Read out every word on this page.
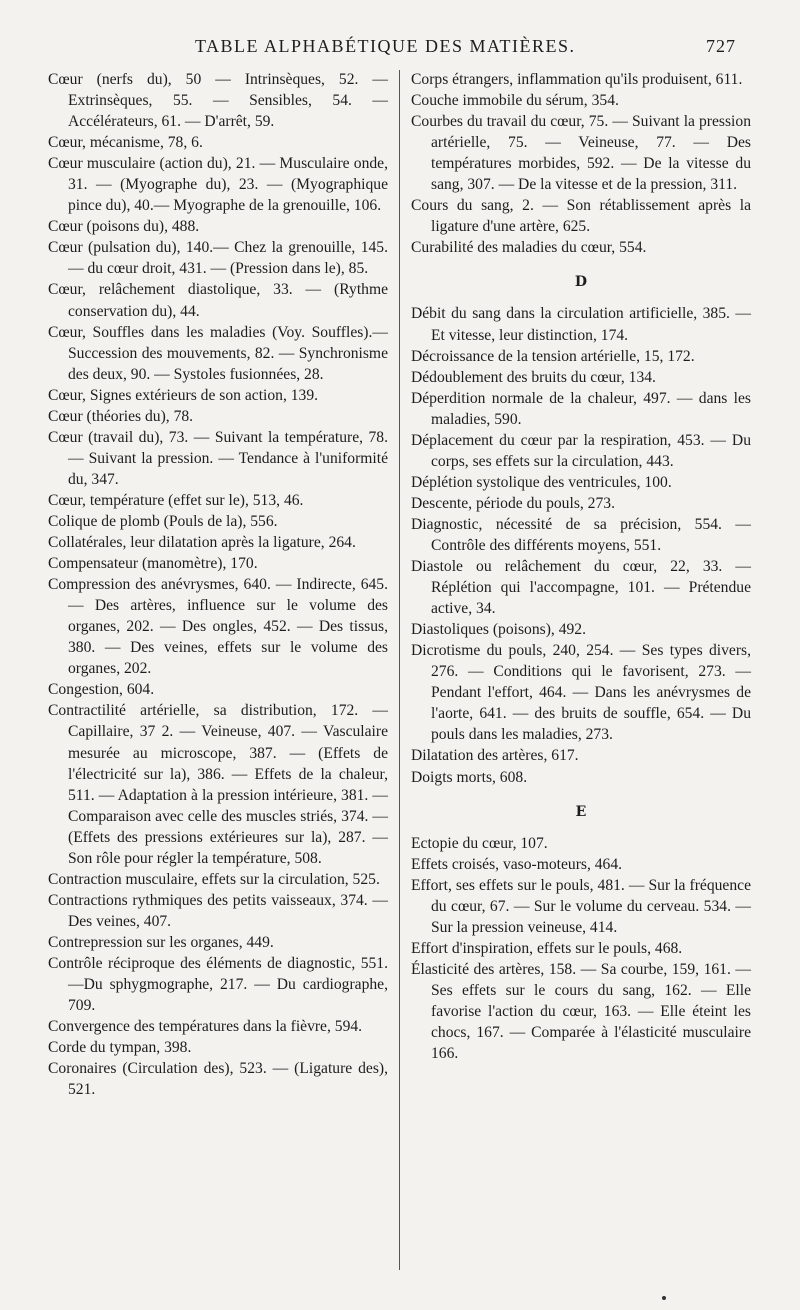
TABLE ALPHABÉTIQUE DES MATIÈRES.	727
Cœur (nerfs du), 50 — Intrinsèques, 52. — Extrinsèques, 55. — Sensibles, 54. — Accélérateurs, 61. — D'arrêt, 59.
Cœur, mécanisme, 78, 6.
Cœur musculaire (action du), 21. — Musculaire onde, 31. — (Myographe du), 23. — (Myographique pince du), 40.— Myographe de la grenouille, 106.
Cœur (poisons du), 488.
Cœur (pulsation du), 140.— Chez la grenouille, 145. — du cœur droit, 431. — (Pression dans le), 85.
Cœur, relâchement diastolique, 33. — (Rythme conservation du), 44.
Cœur, Souffles dans les maladies (Voy. Souffles).—Succession des mouvements, 82. — Synchronisme des deux, 90. — Systoles fusionnées, 28.
Cœur, Signes extérieurs de son action, 139.
Cœur (théories du), 78.
Cœur (travail du), 73. — Suivant la température, 78. — Suivant la pression. — Tendance à l'uniformité du, 347.
Cœur, température (effet sur le), 513, 46.
Colique de plomb (Pouls de la), 556.
Collatérales, leur dilatation après la ligature, 264.
Compensateur (manomètre), 170.
Compression des anévrysmes, 640. — Indirecte, 645. — Des artères, influence sur le volume des organes, 202. — Des ongles, 452. — Des tissus, 380. — Des veines, effets sur le volume des organes, 202.
Congestion, 604.
Contractilité artérielle, sa distribution, 172. — Capillaire, 37 2. — Veineuse, 407. — Vasculaire mesurée au microscope, 387. — (Effets de l'électricité sur la), 386. — Effets de la chaleur, 511. — Adaptation à la pression intérieure, 381. — Comparaison avec celle des muscles striés, 374. — (Effets des pressions extérieures sur la), 287. — Son rôle pour régler la température, 508.
Contraction musculaire, effets sur la circulation, 525.
Contractions rythmiques des petits vaisseaux, 374. — Des veines, 407.
Contrepression sur les organes, 449.
Contrôle réciproque des éléments de diagnostic, 551.—Du sphygmographe, 217. — Du cardiographe, 709.
Convergence des températures dans la fièvre, 594.
Corde du tympan, 398.
Coronaires (Circulation des), 523. — (Ligature des), 521.
Corps étrangers, inflammation qu'ils produisent, 611.
Couche immobile du sérum, 354.
Courbes du travail du cœur, 75. — Suivant la pression artérielle, 75. — Veineuse, 77. — Des températures morbides, 592. — De la vitesse du sang, 307. — De la vitesse et de la pression, 311.
Cours du sang, 2. — Son rétablissement après la ligature d'une artère, 625.
Curabilité des maladies du cœur, 554.
D
Débit du sang dans la circulation artificielle, 385. — Et vitesse, leur distinction, 174.
Décroissance de la tension artérielle, 15, 172.
Dédoublement des bruits du cœur, 134.
Déperdition normale de la chaleur, 497. — dans les maladies, 590.
Déplacement du cœur par la respiration, 453. — Du corps, ses effets sur la circulation, 443.
Déplétion systolique des ventricules, 100.
Descente, période du pouls, 273.
Diagnostic, nécessité de sa précision, 554. — Contrôle des différents moyens, 551.
Diastole ou relâchement du cœur, 22, 33. — Réplétion qui l'accompagne, 101. — Prétendue active, 34.
Diastoliques (poisons), 492.
Dicrotisme du pouls, 240, 254. — Ses types divers, 276. — Conditions qui le favorisent, 273. — Pendant l'effort, 464. — Dans les anévrysmes de l'aorte, 641. — des bruits de souffle, 654. — Du pouls dans les maladies, 273.
Dilatation des artères, 617.
Doigts morts, 608.
E
Ectopie du cœur, 107.
Effets croisés, vaso-moteurs, 464.
Effort, ses effets sur le pouls, 481. — Sur la fréquence du cœur, 67. — Sur le volume du cerveau. 534. — Sur la pression veineuse, 414.
Effort d'inspiration, effets sur le pouls, 468.
Élasticité des artères, 158. — Sa courbe, 159, 161. — Ses effets sur le cours du sang, 162. — Elle favorise l'action du cœur, 163. — Elle éteint les chocs, 167. — Comparée à l'élasticité musculaire 166.
